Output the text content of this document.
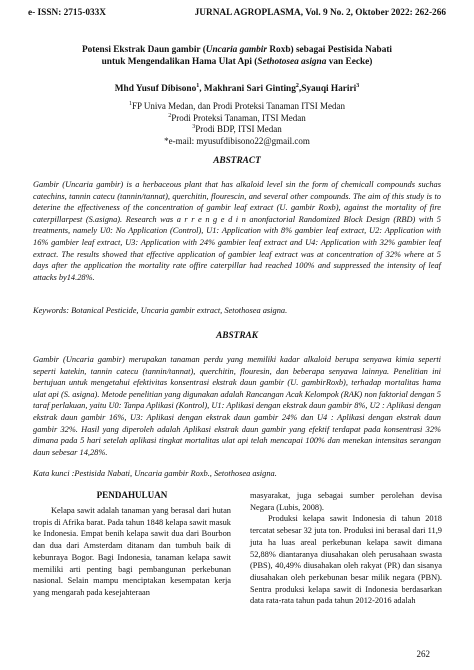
e- ISSN: 2715-033X	JURNAL AGROPLASMA, Vol. 9 No. 2, Oktober 2022: 262-266
Potensi Ekstrak Daun gambir (Uncaria gambir Roxb) sebagai Pestisida Nabati
untuk Mengendalikan Hama Ulat Api (Sethotosea asigna van Eecke)
Mhd Yusuf Dibisono$^1$, Makhrani Sari Ginting$^2$,Syauqi Hariri$^3$
$^1$FP Univa Medan, dan Prodi Proteksi Tanaman ITSI Medan
$^2$Prodi Proteksi Tanaman, ITSI Medan
$^3$Prodi BDP, ITSI Medan
*e-mail: myusufdibisono22@gmail.com
ABSTRACT
Gambir (Uncaria gambir) is a herbaceous plant that has alkaloid level sin the form of chemicall compounds suchas catechins, tannin catecu (tannin/tannat), querchitin, flourescin, and several other compounds. The aim of this study is to deterine the effectiveness of the concentration of gambir leaf extract (U. gambir Roxb), against the mortality of fire caterpillarpest (S.asigna). Research was a r r e n g e d i n anonfactorial Randomized Block Design (RBD) with 5 treatments, namely U0: No Application (Control), U1: Application with 8% gambier leaf extract, U2: Application with 16% gambier leaf extract, U3: Application with 24% gambier leaf extract and U4: Application with 32% gambier leaf extract. The results showed that effective application of gambier leaf extract was at concentration of 32% where at 5 days after the application the mortality rate offire caterpillar had reached 100% and suppressed the intensity of leaf attacks by14.28%.
Keywords: Botanical Pesticide, Uncaria gambir extract, Setothosea asigna.
ABSTRAK
Gambir (Uncaria gambir) merupakan tanaman perdu yang memiliki kadar alkaloid berupa senyawa kimia seperti seperti katekin, tannin catecu (tannin/tannat), querchitin, flouresin, dan beberapa senyawa lainnya. Penelitian ini bertujuan untuk mengetahui efektivitas konsentrasi ekstrak daun gambir (U. gambirRoxb), terhadap mortalitas hama ulat api (S. asigna). Metode penelitian yang digunakan adalah Rancangan Acak Kelompok (RAK) non faktorial dengan 5 taraf perlakuan, yaitu U0: Tanpa Aplikasi (Kontrol), U1: Aplikasi dengan ekstrak daun gambir 8%, U2 : Aplikasi dengan ekstrak daun gambir 16%, U3: Aplikasi dengan ekstrak daun gambir 24% dan U4 : Aplikasi dengan ekstrak daun gambir 32%. Hasil yang diperoleh adalah Aplikasi ekstrak daun gambir yang efektif terdapat pada konsentrasi 32% dimana pada 5 hari setelah aplikasi tingkat mortalitas ulat api telah mencapai 100% dan menekan intensitas serangan daun sebesar 14,28%.
Kata kunci :Pestisida Nabati, Uncaria gambir Roxb., Setothosea asigna.
PENDAHULUAN

Kelapa sawit adalah tanaman yang berasal dari hutan tropis di Afrika barat. Pada tahun 1848 kelapa sawit masuk ke Indonesia. Empat benih kelapa sawit dua dari Bourbon dan dua dari Amsterdam ditanam dan tumbuh baik di kebunraya Bogor. Bagi Indonesia, tanaman kelapa sawit memiliki arti penting bagi pembangunan perkebunan nasional. Selain mampu menciptakan kesempatan kerja yang mengarah pada kesejahteraan

masyarakat, juga sebagai sumber perolehan devisa Negara (Lubis, 2008).

Produksi kelapa sawit Indonesia di tahun 2018 tercatat sebesar 32 juta ton. Produksi ini berasal dari 11,9 juta ha luas areal perkebunan kelapa sawit dimana 52,88% diantaranya diusahakan oleh perusahaan swasta (PBS), 40,49% diusahakan oleh rakyat (PR) dan sisanya diusahakan oleh perkebunan besar milik negara (PBN). Sentra produksi kelapa sawit di Indonesia berdasarkan data rata-rata tahun pada tahun 2012-2016 adalah

262
